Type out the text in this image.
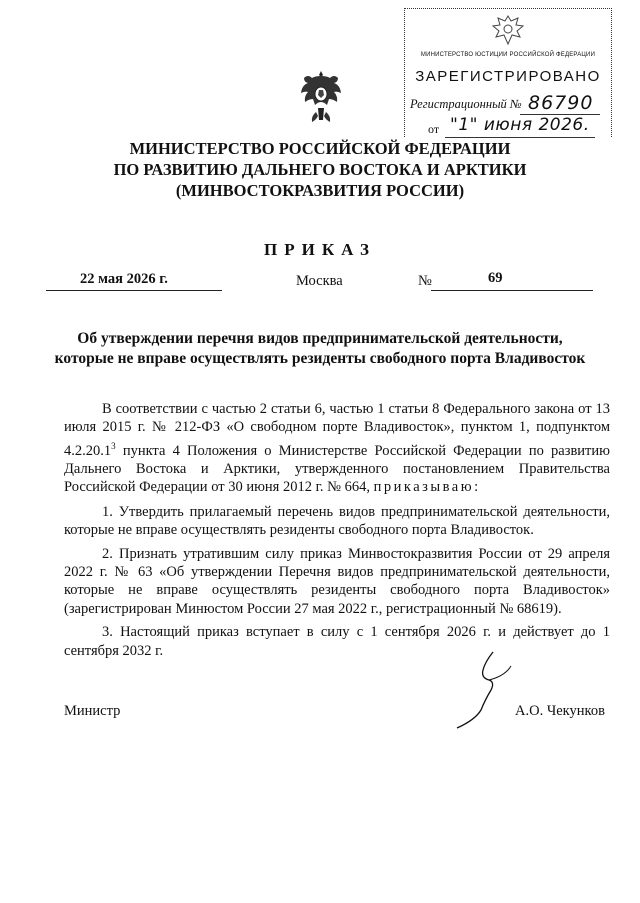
МИНИСТЕРСТВО ЮСТИЦИИ РОССИЙСКОЙ ФЕДЕРАЦИИ
ЗАРЕГИСТРИРОВАНО
Регистрационный № 86790
от "1" июня 2026.
МИНИСТЕРСТВО РОССИЙСКОЙ ФЕДЕРАЦИИ
ПО РАЗВИТИЮ ДАЛЬНЕГО ВОСТОКА И АРКТИКИ
(МИНВОСТОКРАЗВИТИЯ РОССИИ)
ПРИКАЗ
22 мая 2026 г.	Москва	№	69
Об утверждении перечня видов предпринимательской деятельности,
которые не вправе осуществлять резиденты свободного порта Владивосток

В соответствии с частью 2 статьи 6, частью 1 статьи 8 Федерального закона от 13 июля 2015 г. № 212-ФЗ «О свободном порте Владивосток», пунктом 1, подпунктом 4.2.20.1$^3$ пункта 4 Положения о Министерстве Российской Федерации по развитию Дальнего Востока и Арктики, утвержденного постановлением Правительства Российской Федерации от 30 июня 2012 г. № 664, приказываю:

1. Утвердить прилагаемый перечень видов предпринимательской деятельности, которые не вправе осуществлять резиденты свободного порта Владивосток.

2. Признать утратившим силу приказ Минвостокразвития России от 29 апреля 2022 г. № 63 «Об утверждении Перечня видов предпринимательской деятельности, которые не вправе осуществлять резиденты свободного порта Владивосток» (зарегистрирован Минюстом России 27 мая 2022 г., регистрационный № 68619).

3. Настоящий приказ вступает в силу с 1 сентября 2026 г. и действует до 1 сентября 2032 г.

Министр	А.О. Чекунков
